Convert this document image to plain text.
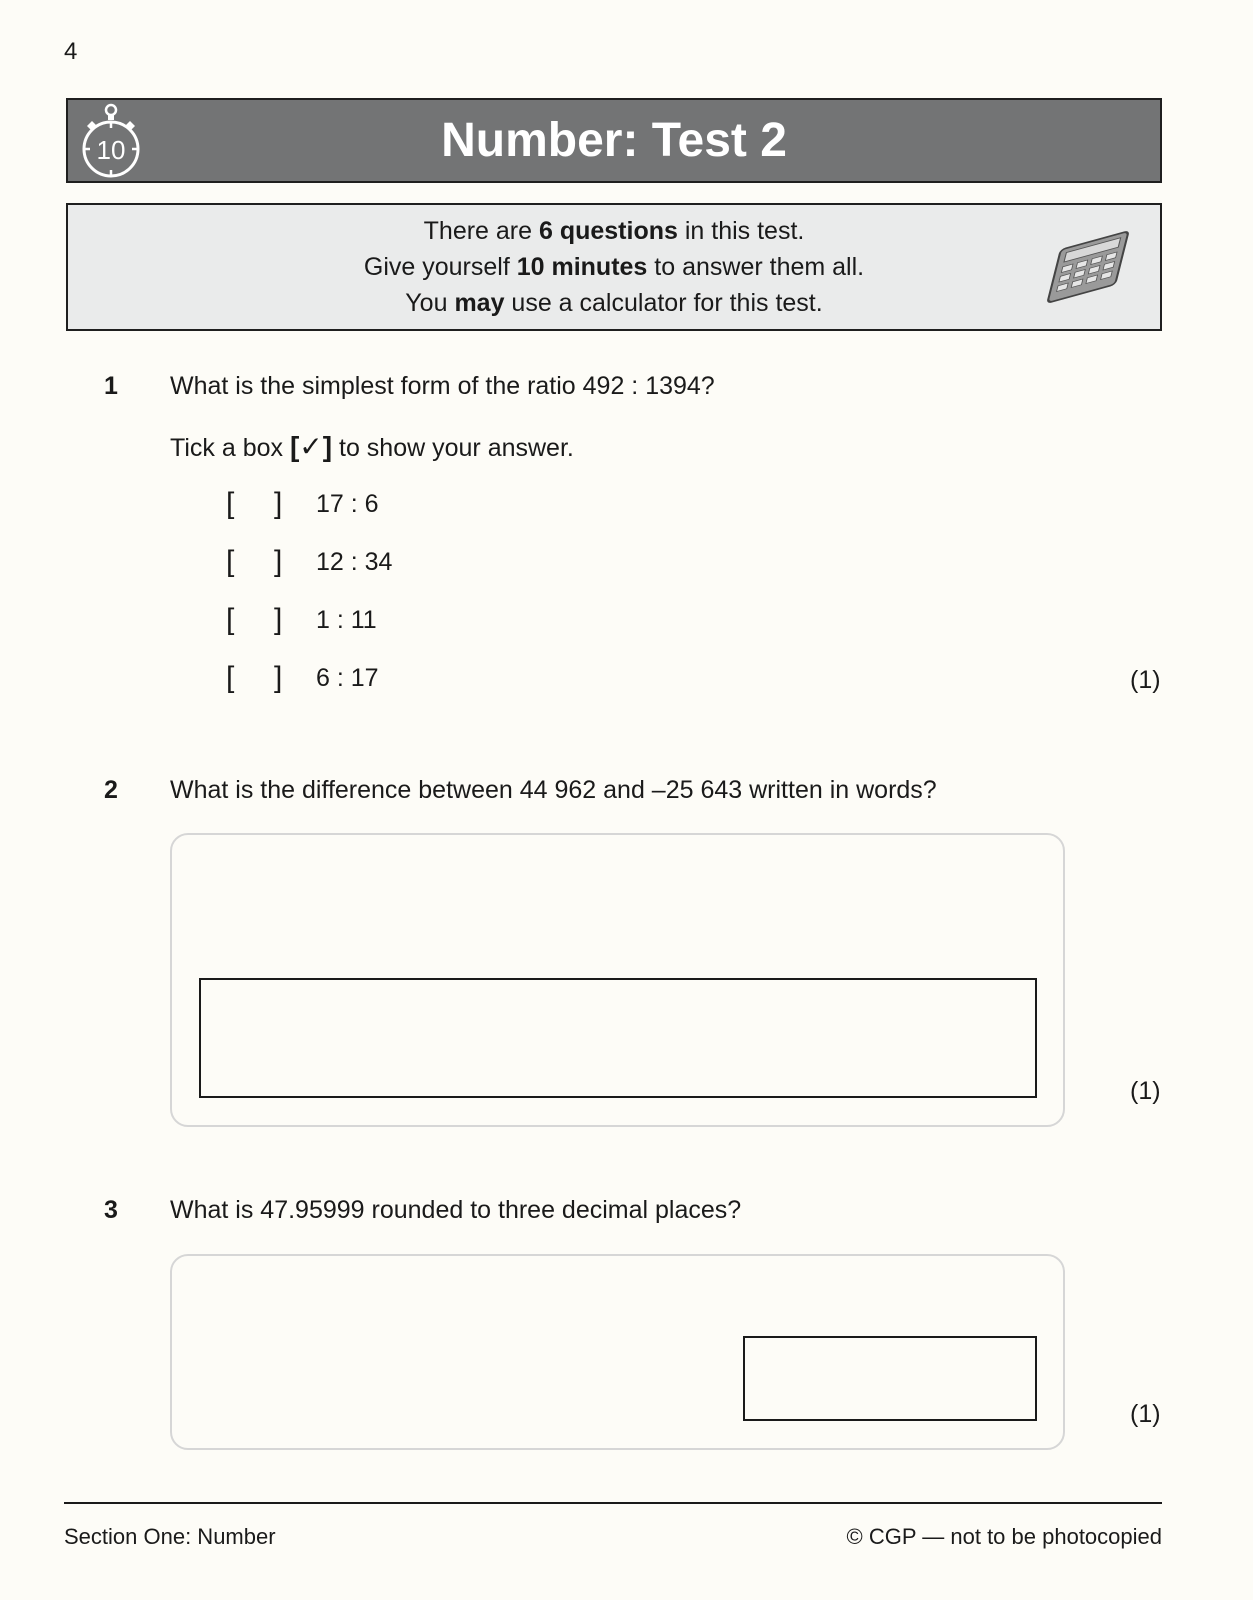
4
10	Number: Test 2
There are 6 questions in this test.
Give yourself 10 minutes to answer them all.
You may use a calculator for this test.
1 What is the simplest form of the ratio 492 : 1394?
Tick a box [✓] to show your answer.
[ ] 17 : 6
[ ] 12 : 34
[ ] 1 : 11
[ ] 6 : 17	(1)
2 What is the difference between 44 962 and –25 643 written in words?
(1)
3 What is 47.95999 rounded to three decimal places?
(1)
Section One: Number	© CGP — not to be photocopied
